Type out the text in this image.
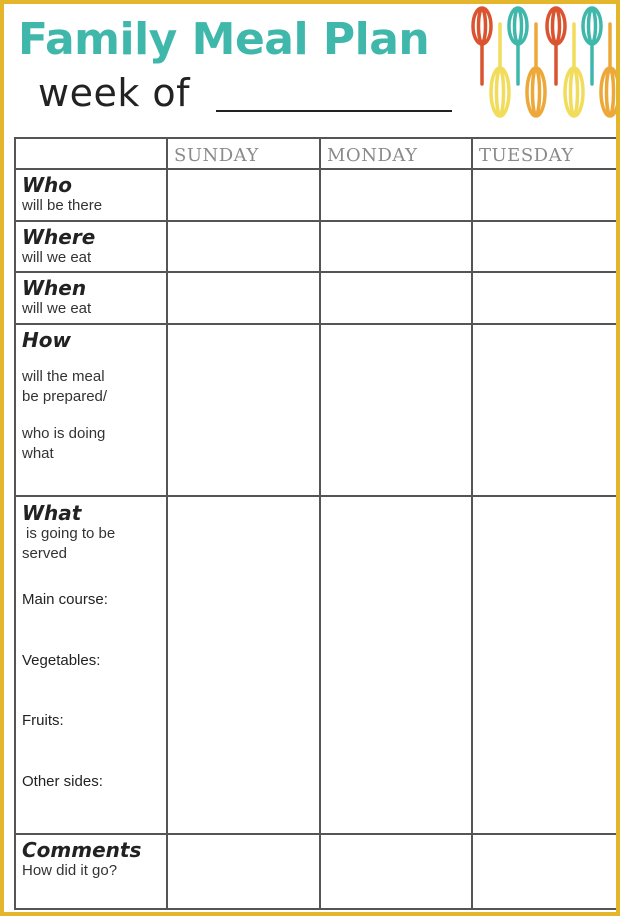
Family Meal Plan
week of
SUNDAY	MONDAY	TUESDAY
Who
will be there
Where
will we eat
When
will we eat
How
will the meal
be prepared/
who is doing
what
What
is going to be
served
Main course:
Vegetables:
Fruits:
Other sides:
Comments
How did it go?
